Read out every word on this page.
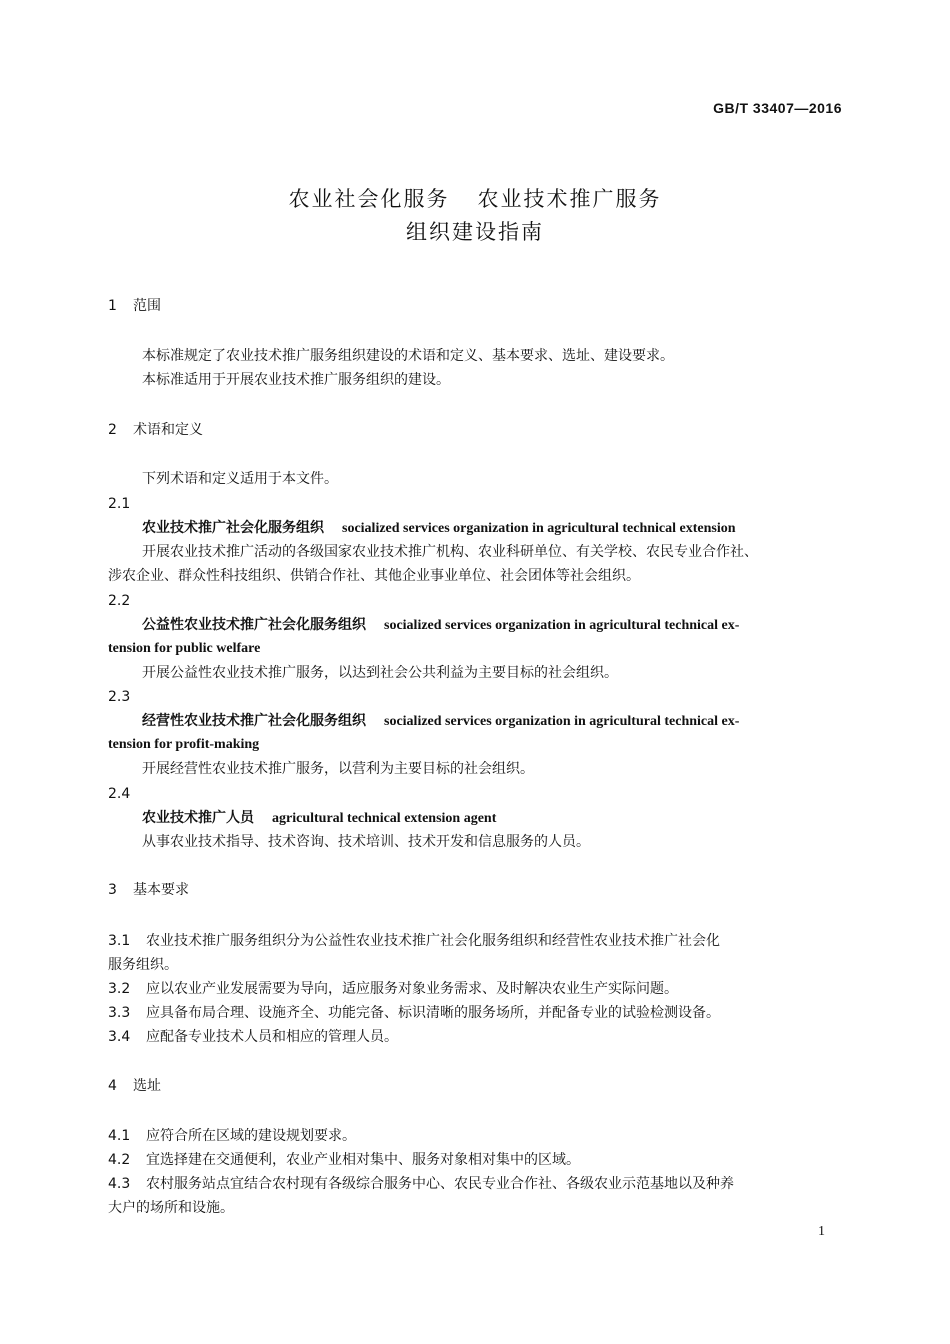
GB/T 33407—2016
农业社会化服务 农业技术推广服务
组织建设指南
1 范围
本标准规定了农业技术推广服务组织建设的术语和定义、基本要求、选址、建设要求。
本标准适用于开展农业技术推广服务组织的建设。
2 术语和定义
下列术语和定义适用于本文件。
2.1
农业技术推广社会化服务组织 socialized services organization in agricultural technical extension
开展农业技术推广活动的各级国家农业技术推广机构、农业科研单位、有关学校、农民专业合作社、
涉农企业、群众性科技组织、供销合作社、其他企业事业单位、社会团体等社会组织。
2.2
公益性农业技术推广社会化服务组织 socialized services organization in agricultural technical ex-
tension for public welfare
开展公益性农业技术推广服务，以达到社会公共利益为主要目标的社会组织。
2.3
经营性农业技术推广社会化服务组织 socialized services organization in agricultural technical ex-
tension for profit-making
开展经营性农业技术推广服务，以营利为主要目标的社会组织。
2.4
农业技术推广人员 agricultural technical extension agent
从事农业技术指导、技术咨询、技术培训、技术开发和信息服务的人员。
3 基本要求
3.1 农业技术推广服务组织分为公益性农业技术推广社会化服务组织和经营性农业技术推广社会化
服务组织。
3.2 应以农业产业发展需要为导向，适应服务对象业务需求、及时解决农业生产实际问题。
3.3 应具备布局合理、设施齐全、功能完备、标识清晰的服务场所，并配备专业的试验检测设备。
3.4 应配备专业技术人员和相应的管理人员。
4 选址
4.1 应符合所在区域的建设规划要求。
4.2 宜选择建在交通便利，农业产业相对集中、服务对象相对集中的区域。
4.3 农村服务站点宜结合农村现有各级综合服务中心、农民专业合作社、各级农业示范基地以及种养
大户的场所和设施。
1
